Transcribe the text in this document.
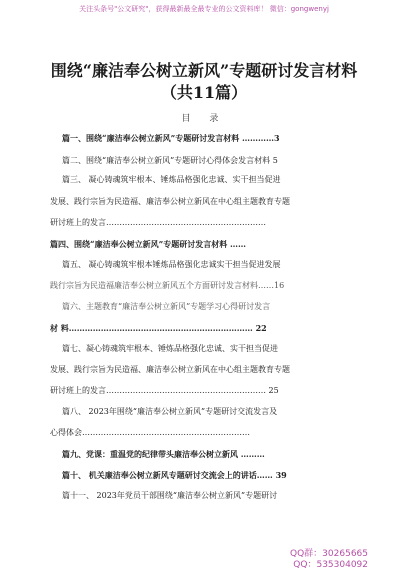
关注头条号"公文研究"，获得最新最全最专业的公文资料库！ 微信：gongwenyj
围绕“廉洁奉公树立新风”专题研讨发言材料（共11篇）
目 录
篇一、围绕“廉洁奉公树立新风”专题研讨发言材料 …………3
篇二、围绕“廉洁奉公树立新风”专题研讨心得体会发言材料 5
篇三、 凝心铸魂筑牢根本、锤炼品格强化忠诚、实干担当促进
发展、践行宗旨为民造福、廉洁奉公树立新风在中心组主题教育专题
研讨班上的发言……………………………………………………
篇四、围绕“廉洁奉公树立新风”专题研讨发言材料 ……
篇五、 凝心铸魂筑牢根本锤炼品格强化忠诚实干担当促进发展
践行宗旨为民造福廉洁奉公树立新风五个方面研讨发言材料……16
篇六、主题教育“廉洁奉公树立新风”专题学习心得研讨发言
材 料…………………………………………………………… 22
篇七、凝心铸魂筑牢根本、锤炼品格强化忠诚、实干担当促进
发展、践行宗旨为民造福、廉洁奉公树立新风在中心组主题教育专题
研讨班上的发言…………………………………………………… 25
篇八、 2023年围绕“廉洁奉公树立新风”专题研讨交流发言及
心得体会………………………………………………………
篇九、党课：重温党的纪律带头廉洁奉公树立新风 ………
篇十、 机关廉洁奉公树立新风专题研讨交流会上的讲话…… 39
篇十一、 2023年党员干部围绕“廉洁奉公树立新风”专题研讨
QQ群：30265665
QQ：535304092
